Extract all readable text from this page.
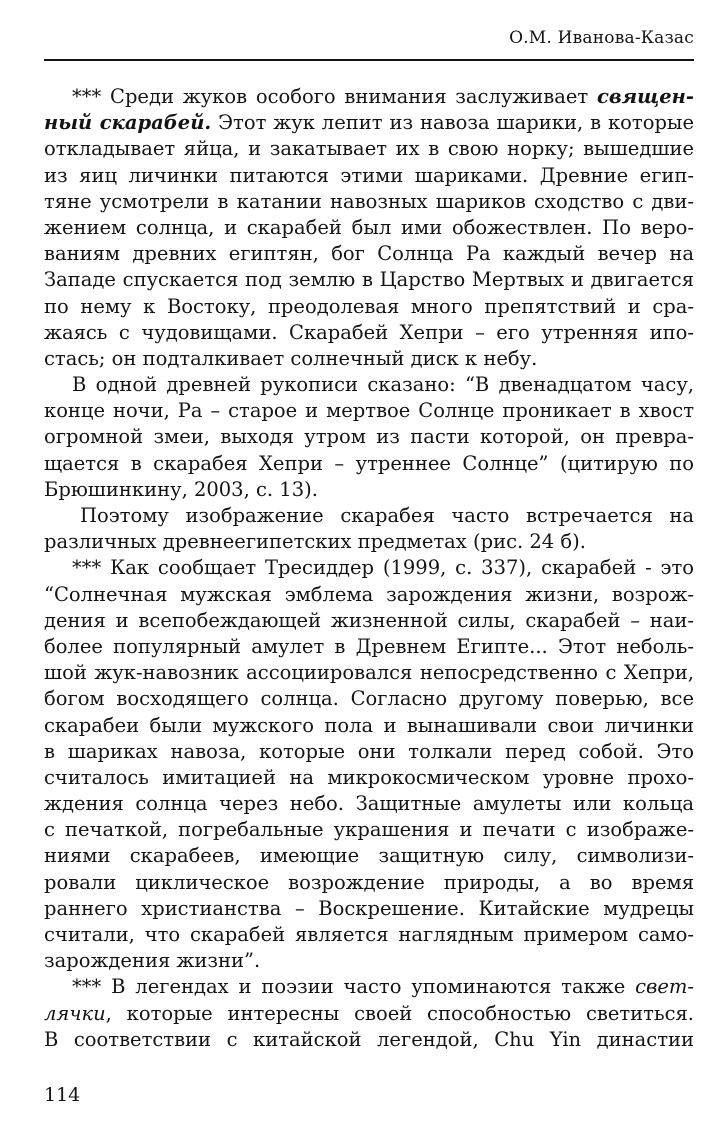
О.М. Иванова-Казас
*** Среди жуков особого внимания заслуживает священ-
ный скарабей. Этот жук лепит из навоза шарики, в которые
откладывает яйца, и закатывает их в свою норку; вышедшие
из яиц личинки питаются этими шариками. Древние егип-
тяне усмотрели в катании навозных шариков сходство с дви-
жением солнца, и скарабей был ими обожествлен. По веро-
ваниям древних египтян, бог Солнца Ра каждый вечер на
Западе спускается под землю в Царство Мертвых и двигается
по нему к Востоку, преодолевая много препятствий и сра-
жаясь с чудовищами. Скарабей Хепри – его утренняя ипо-
стась; он подталкивает солнечный диск к небу.
В одной древней рукописи сказано: “В двенадцатом часу,
конце ночи, Ра – старое и мертвое Солнце проникает в хвост
огромной змеи, выходя утром из пасти которой, он превра-
щается в скарабея Хепри – утреннее Солнце” (цитирую по
Брюшинкину, 2003, с. 13).
Поэтому изображение скарабея часто встречается на
различных древнеегипетских предметах (рис. 24 б).
*** Как сообщает Тресиддер (1999, с. 337), скарабей - это
“Солнечная мужская эмблема зарождения жизни, возрож-
дения и всепобеждающей жизненной силы, скарабей – наи-
более популярный амулет в Древнем Египте... Этот неболь-
шой жук-навозник ассоциировался непосредственно с Хепри,
богом восходящего солнца. Согласно другому поверью, все
скарабеи были мужского пола и вынашивали свои личинки
в шариках навоза, которые они толкали перед собой. Это
считалось имитацией на микрокосмическом уровне прохо-
ждения солнца через небо. Защитные амулеты или кольца
с печаткой, погребальные украшения и печати с изображе-
ниями скарабеев, имеющие защитную силу, символизи-
ровали циклическое возрождение природы, а во время
раннего христианства – Воскрешение. Китайские мудрецы
считали, что скарабей является наглядным примером само-
зарождения жизни”.
*** В легендах и поэзии часто упоминаются также свет-
лячки, которые интересны своей способностью светиться.
В соответствии с китайской легендой, Chu Yin династии
114
